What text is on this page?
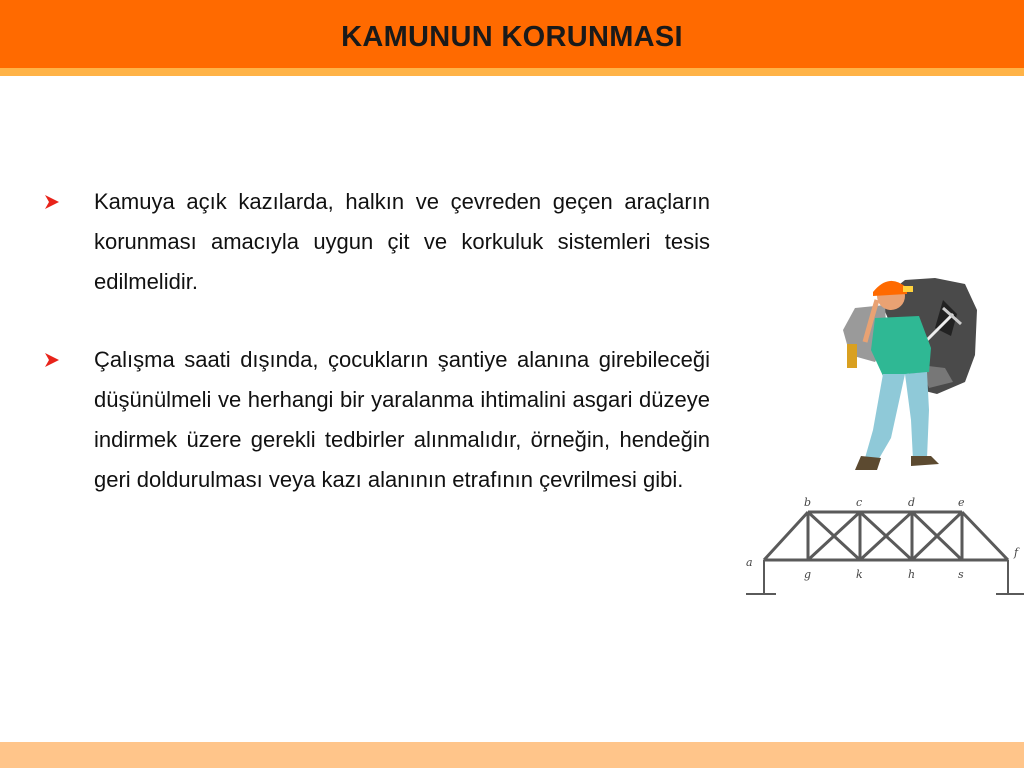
KAMUNUN KORUNMASI
Kamuya açık kazılarda, halkın ve çevreden geçen araçların korunması amacıyla uygun çit ve korkuluk sistemleri tesis edilmelidir.
Çalışma saati dışında, çocukların şantiye alanına girebileceği düşünülmeli ve herhangi bir yaralanma ihtimalini asgari düzeye indirmek üzere gerekli tedbirler alınmalıdır, örneğin, hendeğin geri doldurulması veya kazı alanının etrafının çevrilmesi gibi.
b	c	d	e
a
f
g	k	h	s
